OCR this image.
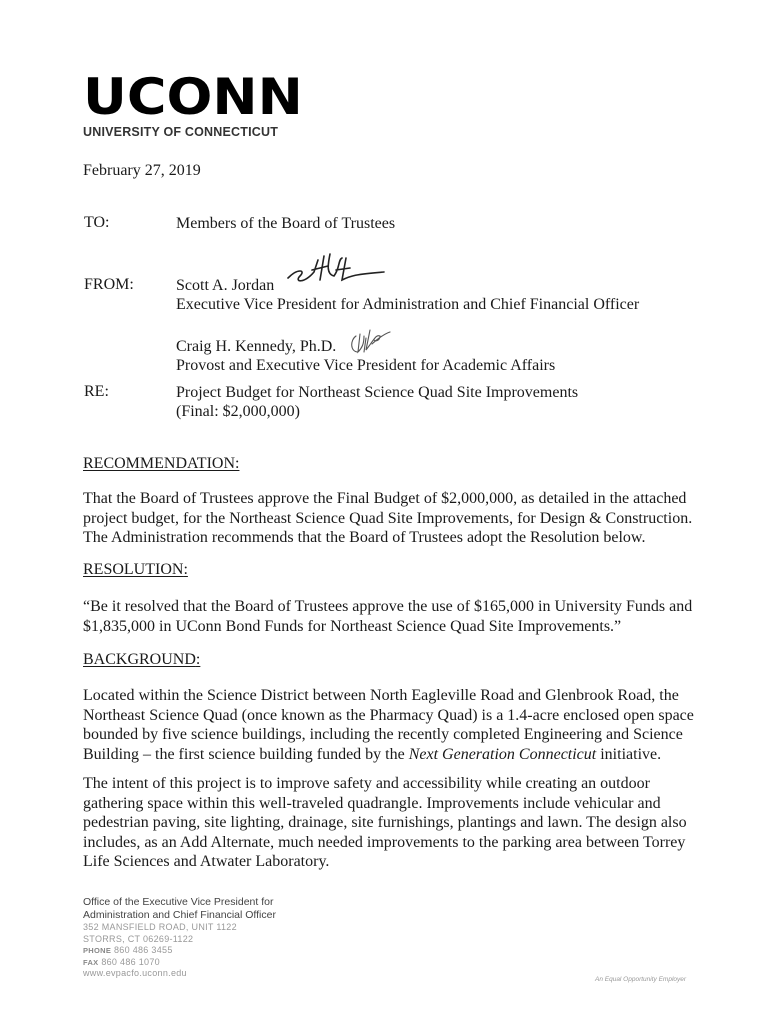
UCONN
UNIVERSITY OF CONNECTICUT
February 27, 2019
TO:	Members of the Board of Trustees
FROM:	Scott A. Jordan
Executive Vice President for Administration and Chief Financial Officer
Craig H. Kennedy, Ph.D.
Provost and Executive Vice President for Academic Affairs
RE:	Project Budget for Northeast Science Quad Site Improvements
(Final: $2,000,000)
RECOMMENDATION:

That the Board of Trustees approve the Final Budget of $2,000,000, as detailed in the attached
project budget, for the Northeast Science Quad Site Improvements, for Design & Construction.
The Administration recommends that the Board of Trustees adopt the Resolution below.

RESOLUTION:

“Be it resolved that the Board of Trustees approve the use of $165,000 in University Funds and
$1,835,000 in UConn Bond Funds for Northeast Science Quad Site Improvements.”

BACKGROUND:

Located within the Science District between North Eagleville Road and Glenbrook Road, the
Northeast Science Quad (once known as the Pharmacy Quad) is a 1.4-acre enclosed open space
bounded by five science buildings, including the recently completed Engineering and Science
Building – the first science building funded by the Next Generation Connecticut initiative.

The intent of this project is to improve safety and accessibility while creating an outdoor
gathering space within this well-traveled quadrangle. Improvements include vehicular and
pedestrian paving, site lighting, drainage, site furnishings, plantings and lawn. The design also
includes, as an Add Alternate, much needed improvements to the parking area between Torrey
Life Sciences and Atwater Laboratory.

Office of the Executive Vice President for
Administration and Chief Financial Officer
352 MANSFIELD ROAD, UNIT 1122
STORRS, CT 06269-1122
PHONE 860 486 3455
FAX 860 486 1070
www.evpacfo.uconn.edu
An Equal Opportunity Employer
